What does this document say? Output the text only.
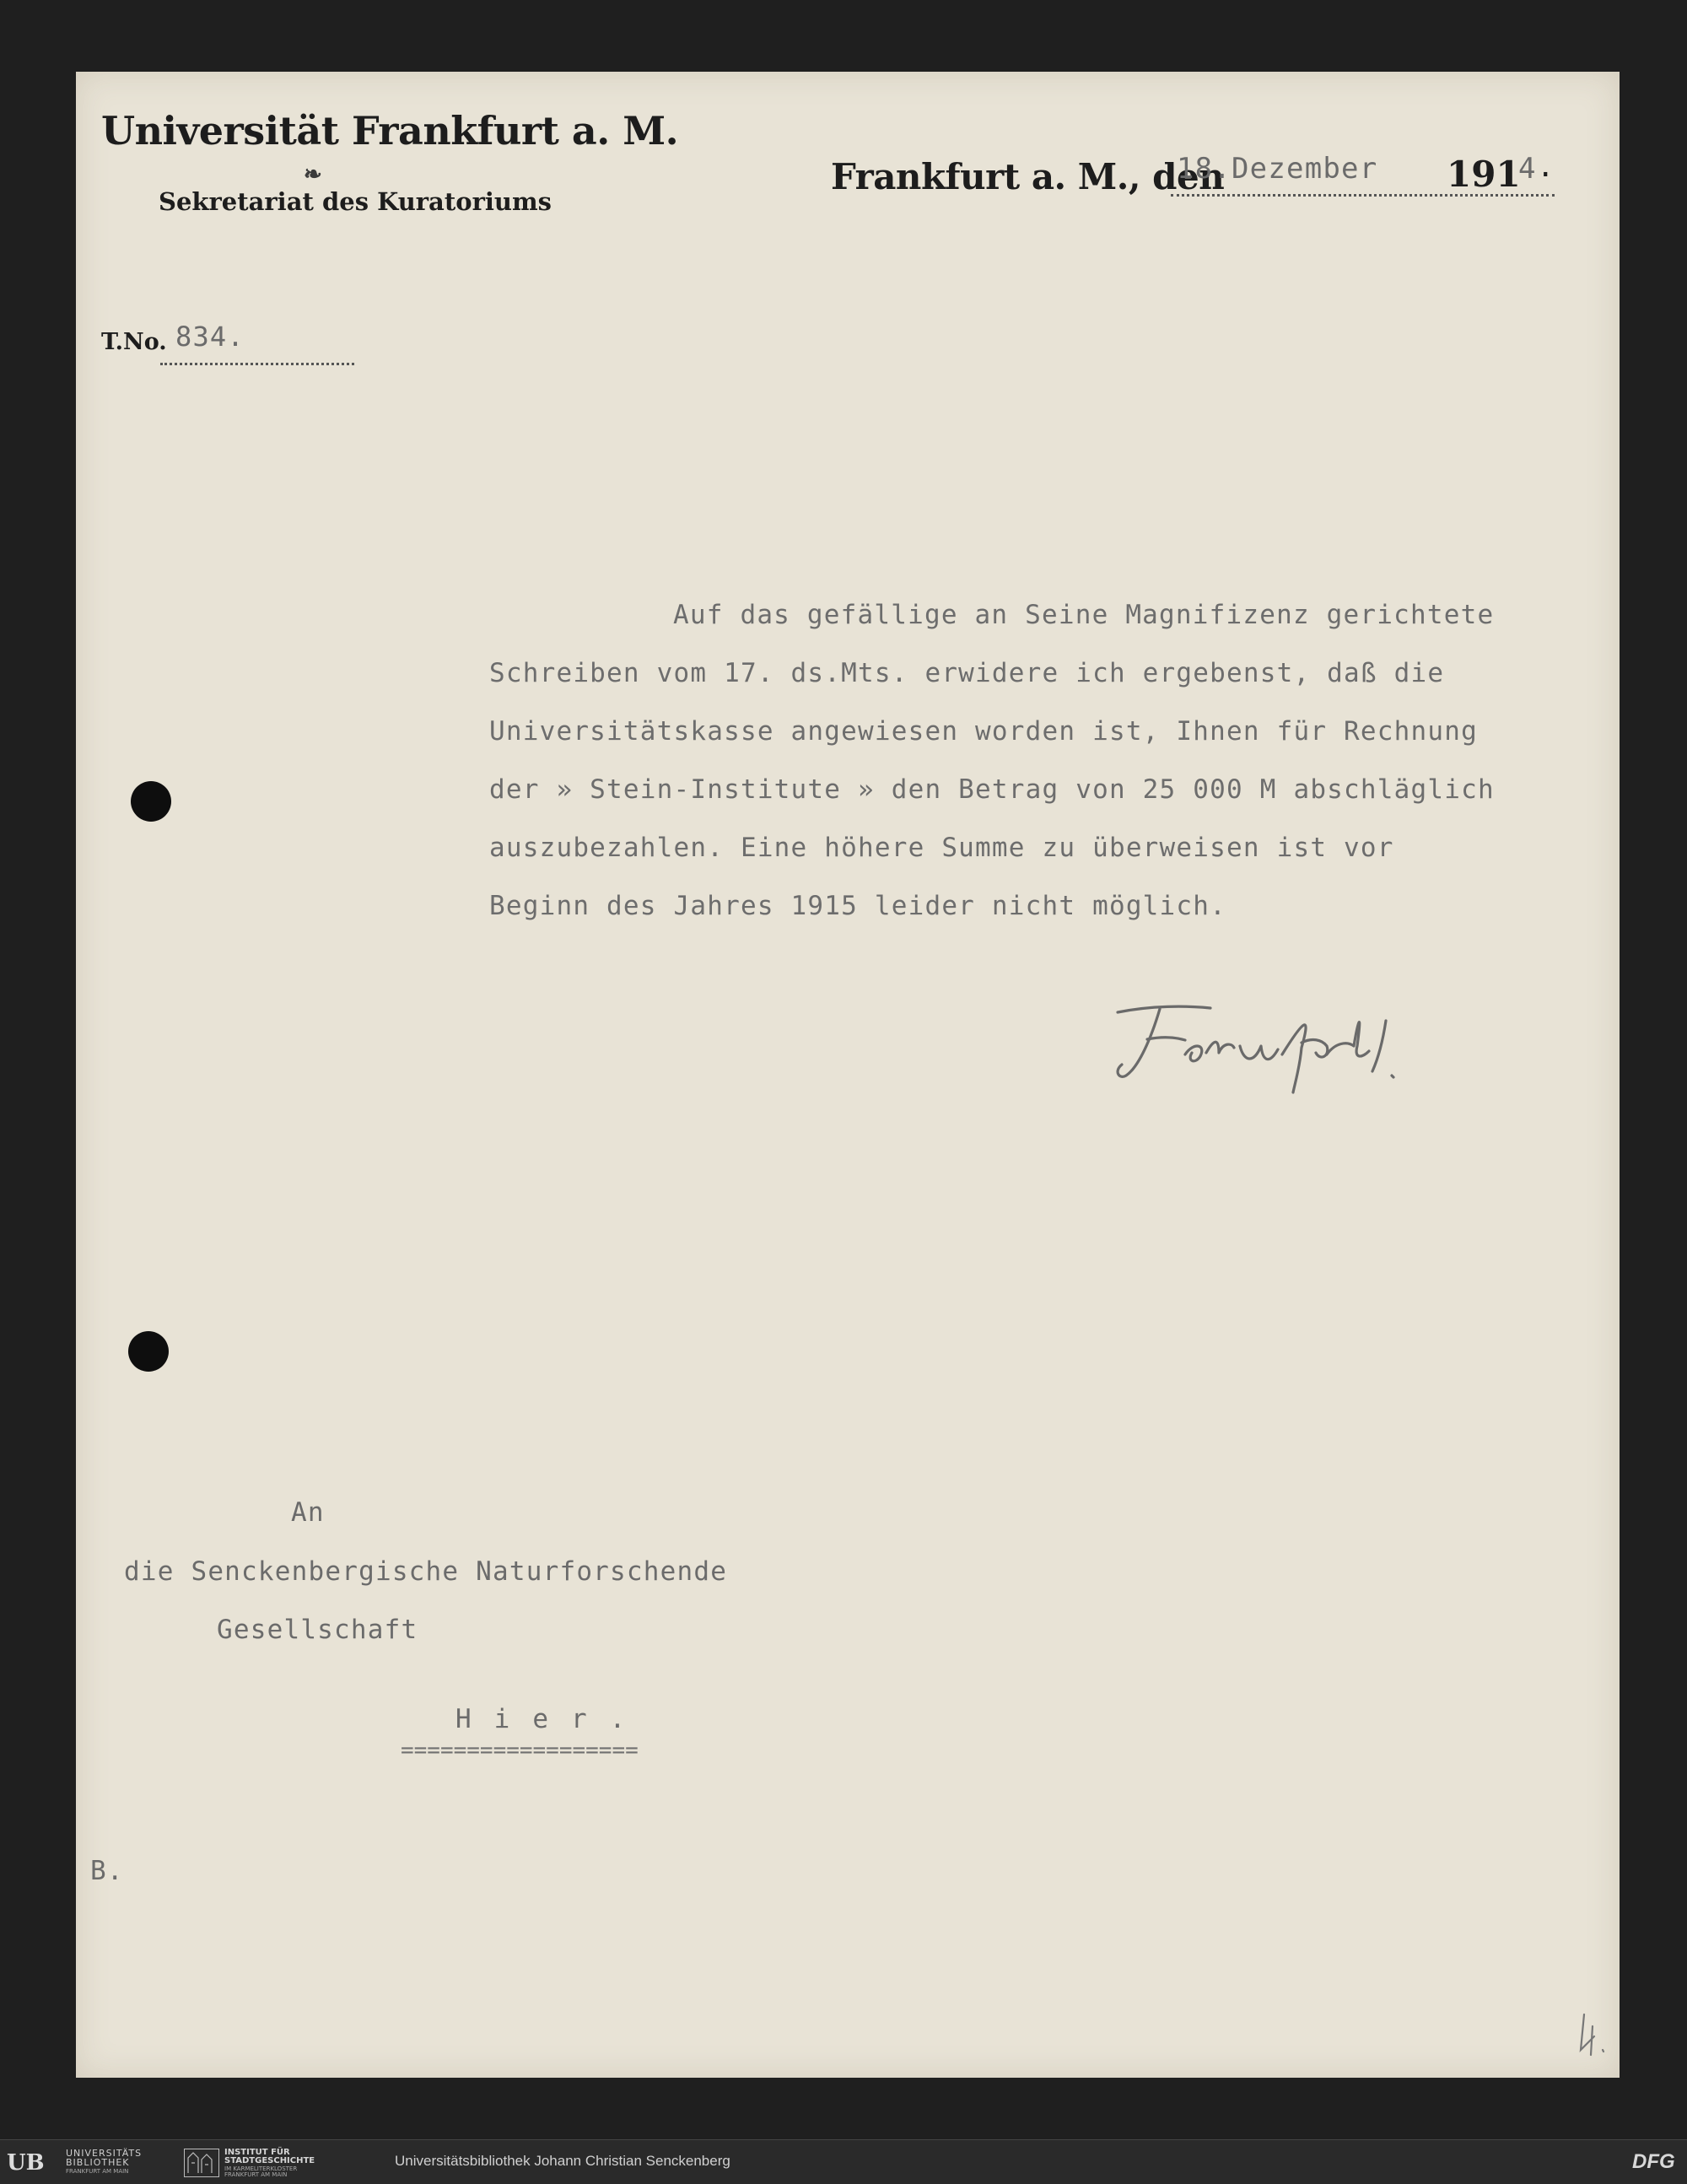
Universität Frankfurt a. M.
❧
Sekretariat des Kuratoriums
Frankfurt a. M., den
18.Dezember 191
4 .
T.No. 834.
Auf das gefällige an Seine Magnifizenz gerichtete
Schreiben vom 17. ds.Mts. erwidere ich ergebenst, daß die
Universitätskasse angewiesen worden ist, Ihnen für Rechnung
der » Stein-Institute » den Betrag von 25 000 M abschläglich
auszubezahlen. Eine höhere Summe zu überweisen ist vor
Beginn des Jahres 1915 leider nicht möglich.
An
die Senckenbergische Naturforschende
Gesellschaft
Hier.
==================
B.
UB UNIVERSITÄTS
BIBLIOTHEK
FRANKFURT AM MAIN
INSTITUT FÜR
STADTGESCHICHTE
IM KARMELITERKLOSTER
FRANKFURT AM MAIN
Universitätsbibliothek Johann Christian Senckenberg	DFG
